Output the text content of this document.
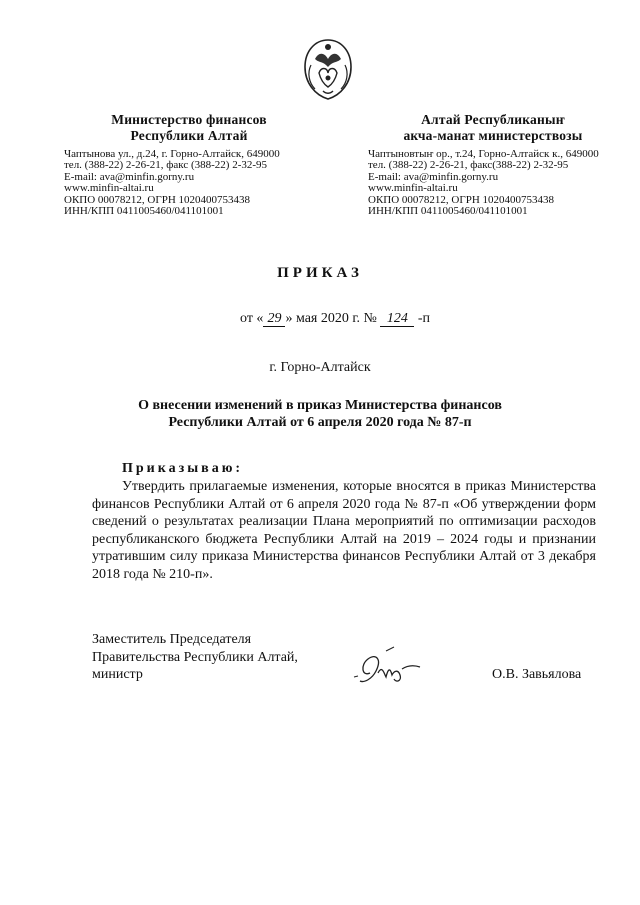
Министерство финансов
Республики Алтай
Чаптынова ул., д.24, г. Горно-Алтайск, 649000
тел. (388-22) 2-26-21, факс (388-22) 2-32-95
E-mail: ava@minfin.gorny.ru
www.minfin-altai.ru
ОКПО 00078212, ОГРН 1020400753438
ИНН/КПП 0411005460/041101001
Алтай Республиканыҥ
акча-манат министерствозы
Чаптыновтыҥ ор., т.24, Горно-Алтайск к., 649000
тел. (388-22) 2-26-21, факс(388-22) 2-32-95
E-mail: ava@minfin.gorny.ru
www.minfin-altai.ru
ОКПО 00078212, ОГРН 1020400753438
ИНН/КПП 0411005460/041101001
ПРИКАЗ
от « 29 » мая 2020 г. № 124 -п
г. Горно-Алтайск
О внесении изменений в приказ Министерства финансов Республики Алтай от 6 апреля 2020 года № 87-п
Приказываю:
Утвердить прилагаемые изменения, которые вносятся в приказ Министерства финансов Республики Алтай от 6 апреля 2020 года № 87-п «Об утверждении форм сведений о результатах реализации Плана мероприятий по оптимизации расходов республиканского бюджета Республики Алтай на 2019 – 2024 годы и признании утратившим силу приказа Министерства финансов Республики Алтай от 3 декабря 2018 года № 210-п».
Заместитель Председателя
Правительства Республики Алтай,
министр	О.В. Завьялова
